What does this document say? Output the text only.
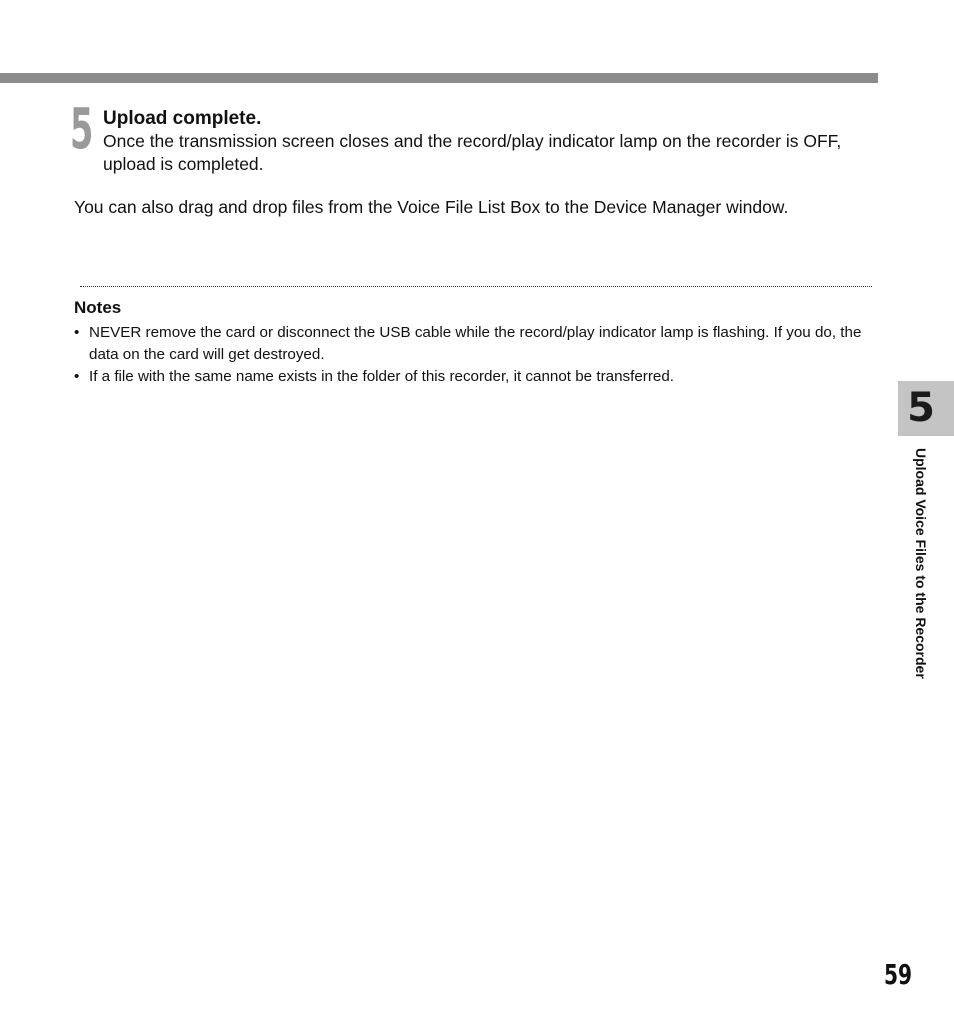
5 Upload complete.
Once the transmission screen closes and the record/play indicator lamp on the recorder is OFF, upload is completed.
You can also drag and drop files from the Voice File List Box to the Device Manager window.
Notes
• NEVER remove the card or disconnect the USB cable while the record/play indicator lamp is flashing. If you do, the data on the card will get destroyed.
• If a file with the same name exists in the folder of this recorder, it cannot be transferred.
5
Upload Voice Files to the Recorder
59
